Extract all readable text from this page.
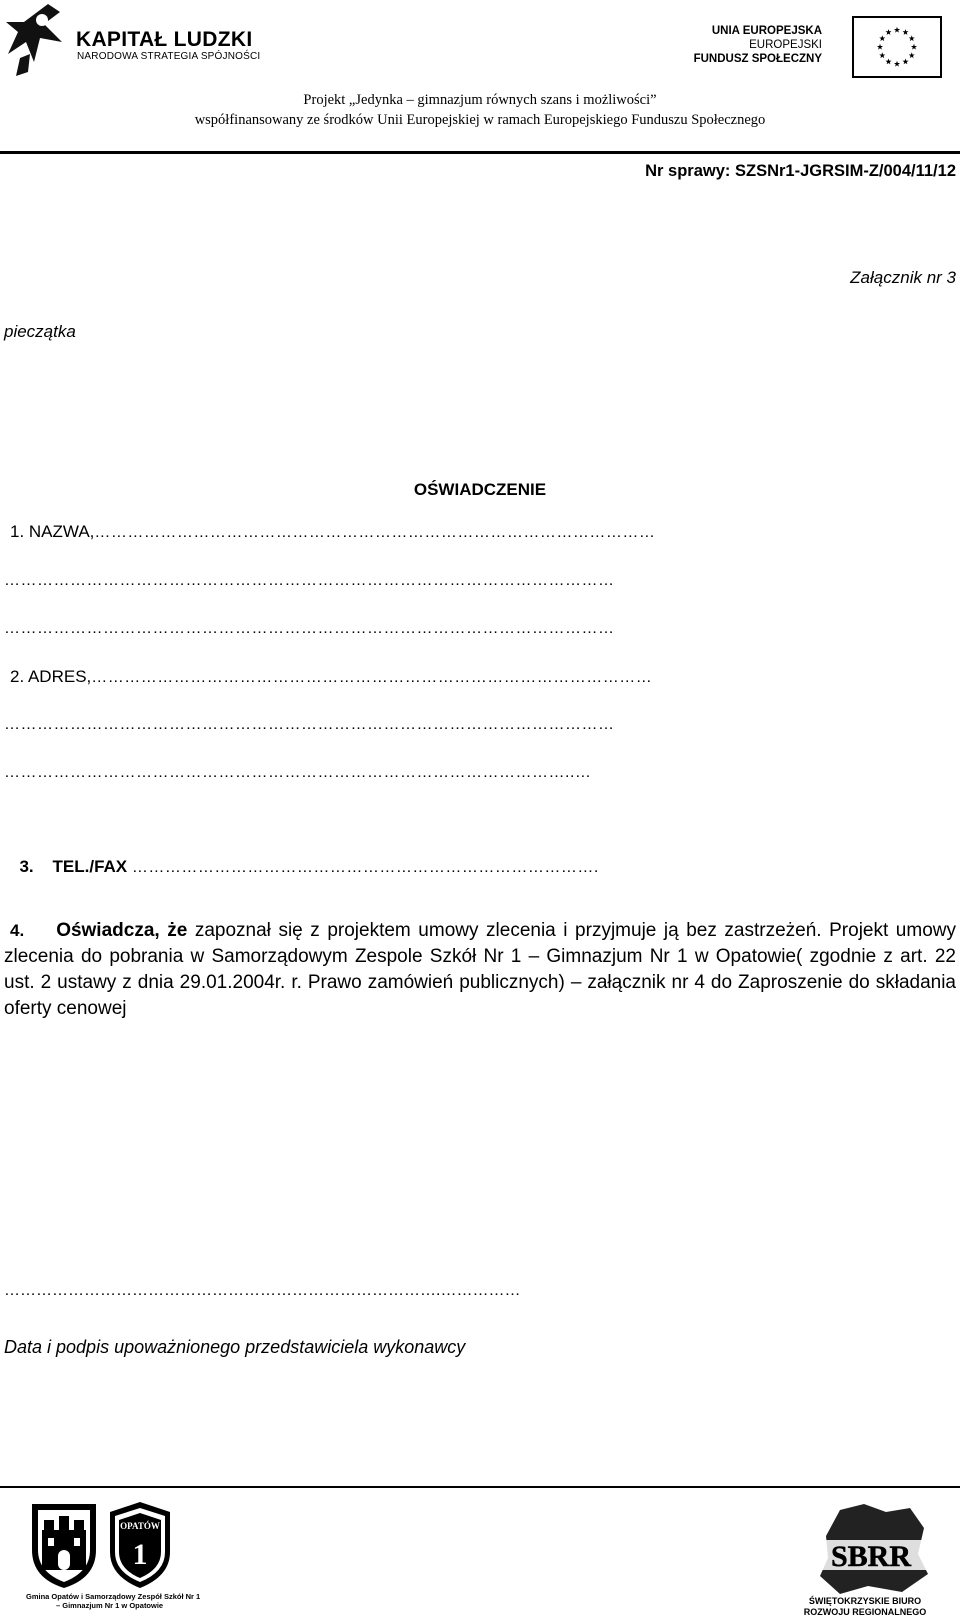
KAPITAŁ LUDZKI
NARODOWA STRATEGIA SPÓJNOŚCI
UNIA EUROPEJSKA
EUROPEJSKI
FUNDUSZ SPOŁECZNY
Projekt „Jedynka – gimnazjum równych szans i możliwości”
współfinansowany ze środków Unii Europejskiej w ramach Europejskiego Funduszu Społecznego
Nr sprawy: SZSNr1-JGRSIM-Z/004/11/12
Załącznik nr 3
pieczątka
OŚWIADCZENIE
1. NAZWA,…………………………………………………………………………………………
…………………………………………………………………………………………………
…………………………………………………………………………………………………
2. ADRES,…………………………………………………………………………………………
…………………………………………………………………………………………………
…………………………………………………………………………………………..…

3.    TEL./FAX ………………………………………………………………………….

4. Oświadcza, że zapoznał się z projektem umowy zlecenia i przyjmuje ją bez zastrzeżeń. Projekt umowy zlecenia do pobrania w Samorządowym Zespole Szkół Nr 1 – Gimnazjum Nr 1 w Opatowie( zgodnie z art. 22 ust. 2 ustawy z dnia 29.01.2004r. r. Prawo zamówień publicznych) – załącznik nr 4 do Zaproszenie do składania oferty cenowej
……………………………………………………………………….……………
Data i podpis upoważnionego przedstawiciela wykonawcy
OPATÓW
1
Gmina Opatów i Samorządowy Zespół Szkół Nr 1
– Gimnazjum Nr 1 w Opatowie
SBRR
ŚWIĘTOKRZYSKIE BIURO
ROZWOJU REGIONALNEGO
